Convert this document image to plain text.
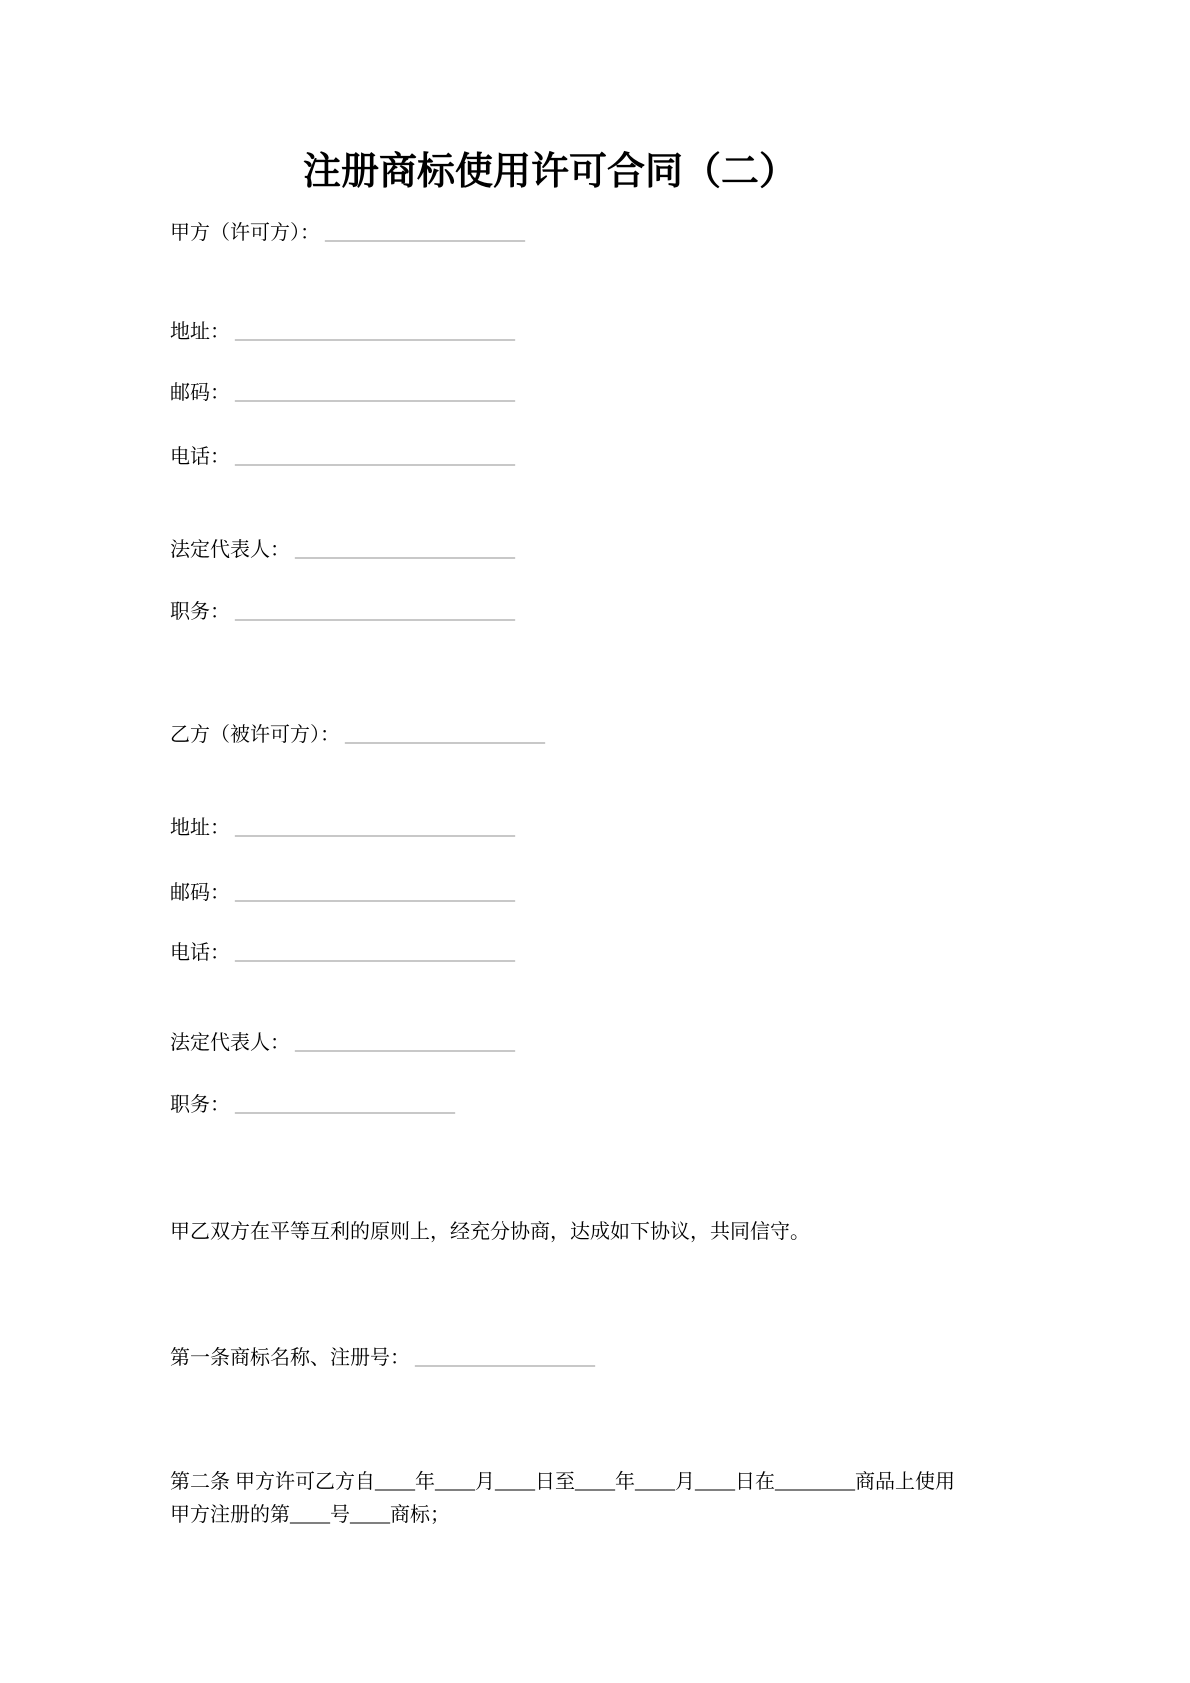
注册商标使用许可合同（二）
甲方（许可方）： ____________________
地址： ____________________________
邮码： ____________________________
电话： ____________________________
法定代表人： ______________________
职务： ____________________________
乙方（被许可方）： ____________________
地址： ____________________________
邮码： ____________________________
电话： ____________________________
法定代表人： ______________________
职务： ______________________
甲乙双方在平等互利的原则上，经充分协商，达成如下协议，共同信守。
第一条商标名称、注册号： __________________
第二条 甲方许可乙方自____年____月____日至____年____月____日在________商品上使用
甲方注册的第____号____商标；
